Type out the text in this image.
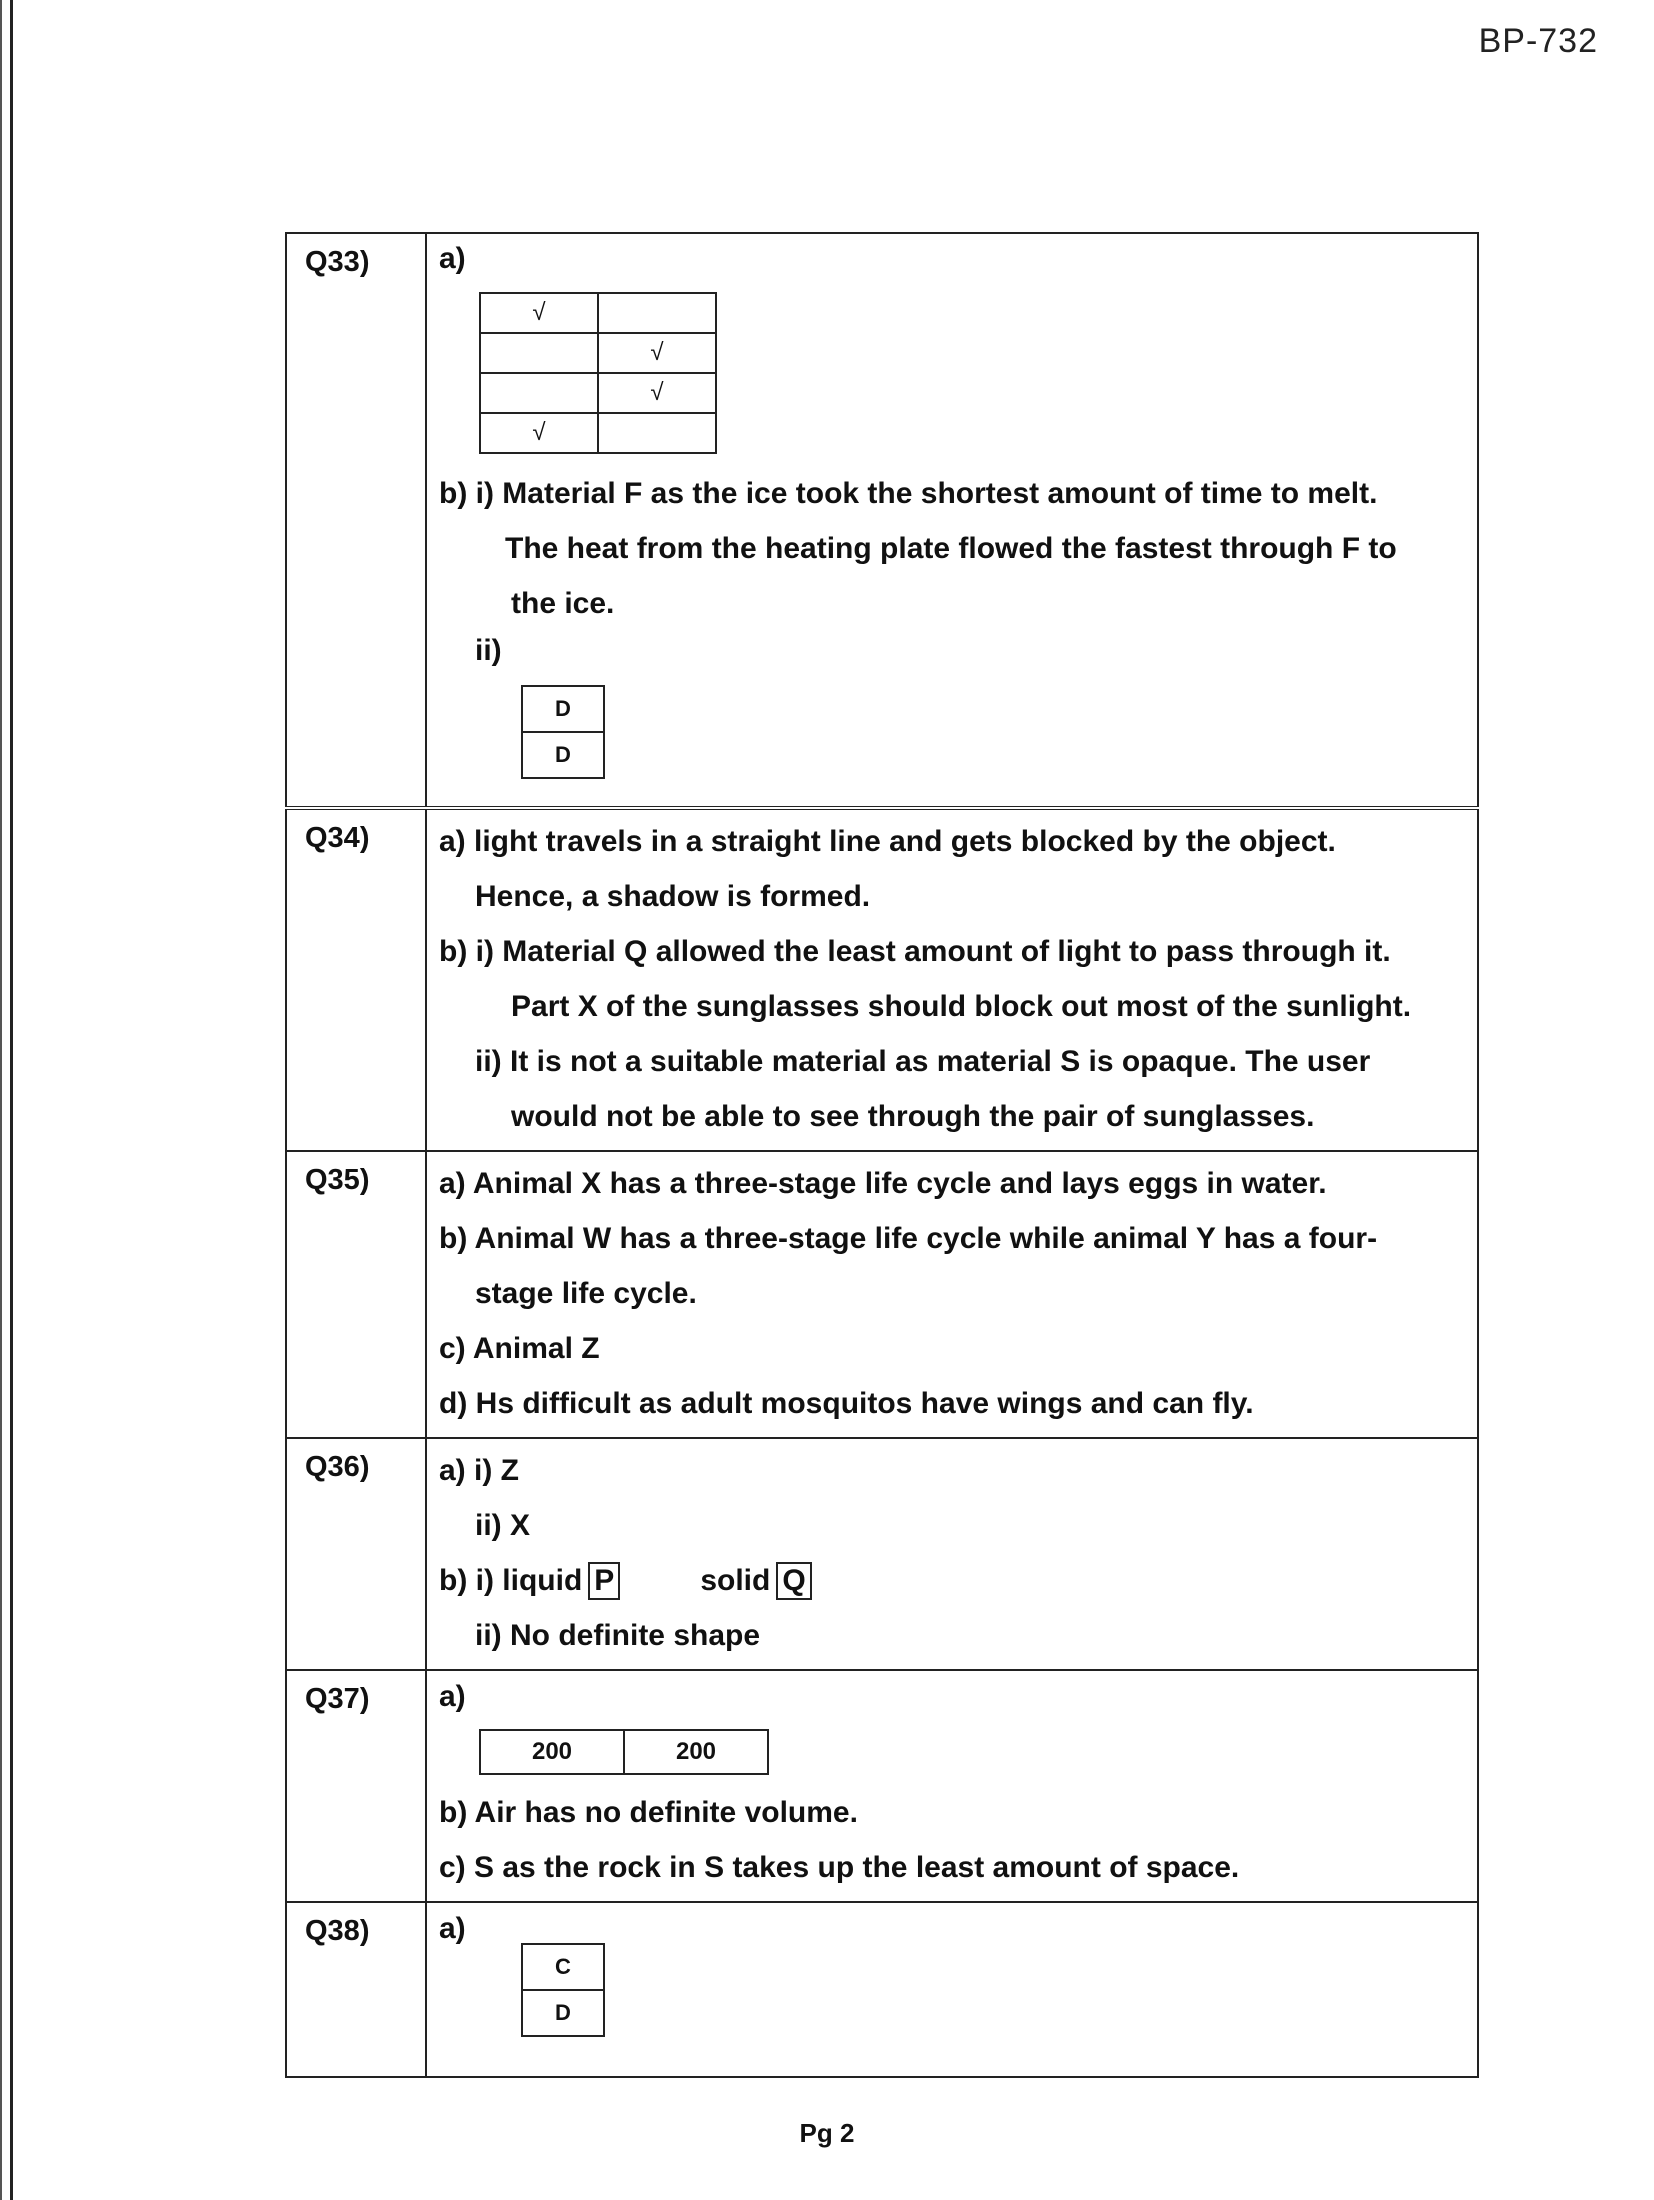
BP-732
Q33)	a)
√	
	√
	√
√	
b) i) Material F as the ice took the shortest amount of time to melt.
The heat from the heating plate flowed the fastest through F to
the ice.
ii)
D
D

Q34)	a) light travels in a straight line and gets blocked by the object.
Hence, a shadow is formed.
b) i) Material Q allowed the least amount of light to pass through it.
Part X of the sunglasses should block out most of the sunlight.
ii) It is not a suitable material as material S is opaque. The user
would not be able to see through the pair of sunglasses.

Q35)	a) Animal X has a three-stage life cycle and lays eggs in water.
b) Animal W has a three-stage life cycle while animal Y has a four-
stage life cycle.
c) Animal Z
d) Hs difficult as adult mosquitos have wings and can fly.

Q36)	a) i) Z
ii) X
b) i) liquid P	solid Q
ii) No definite shape

Q37)	a)
200	200
b) Air has no definite volume.
c) S as the rock in S takes up the least amount of space.

Q38)	a)
C
D
Pg 2
